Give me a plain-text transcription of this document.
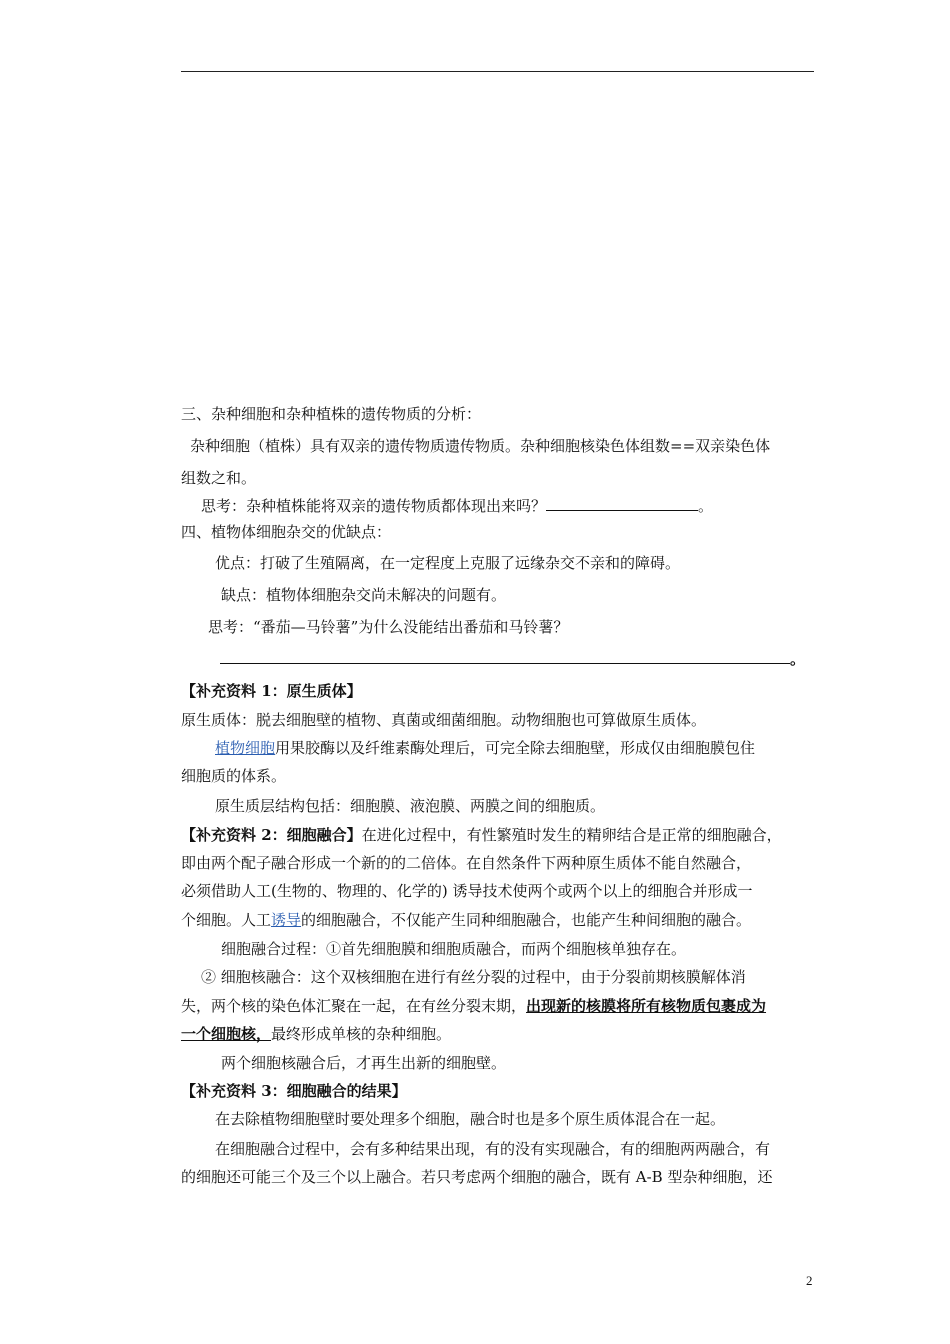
三、杂种细胞和杂种植株的遗传物质的分析：
杂种细胞（植株）具有双亲的遗传物质遗传物质。杂种细胞核染色体组数==双亲染色体
组数之和。
思考：杂种植株能将双亲的遗传物质都体现出来吗？	。
四、植物体细胞杂交的优缺点：
优点：打破了生殖隔离，在一定程度上克服了远缘杂交不亲和的障碍。
缺点：植物体细胞杂交尚未解决的问题有。
思考：“番茄—马铃薯”为什么没能结出番茄和马铃薯？
。
【补充资料 1：原生质体】
原生质体：脱去细胞壁的植物、真菌或细菌细胞。动物细胞也可算做原生质体。
植物细胞用果胶酶以及纤维素酶处理后，可完全除去细胞壁，形成仅由细胞膜包住
细胞质的体系。
原生质层结构包括：细胞膜、液泡膜、两膜之间的细胞质。
【补充资料 2：细胞融合】在进化过程中，有性繁殖时发生的精卵结合是正常的细胞融合，
即由两个配子融合形成一个新的的二倍体。在自然条件下两种原生质体不能自然融合，
必须借助人工(生物的、物理的、化学的) 诱导技术使两个或两个以上的细胞合并形成一
个细胞。人工诱导的细胞融合，不仅能产生同种细胞融合，也能产生种间细胞的融合。
细胞融合过程：①首先细胞膜和细胞质融合，而两个细胞核单独存在。
② 细胞核融合：这个双核细胞在进行有丝分裂的过程中，由于分裂前期核膜解体消
失，两个核的染色体汇聚在一起，在有丝分裂末期，出现新的核膜将所有核物质包裹成为
一个细胞核，最终形成单核的杂种细胞。
两个细胞核融合后，才再生出新的细胞壁。
【补充资料 3：细胞融合的结果】
在去除植物细胞壁时要处理多个细胞，融合时也是多个原生质体混合在一起。
在细胞融合过程中，会有多种结果出现，有的没有实现融合，有的细胞两两融合，有
的细胞还可能三个及三个以上融合。若只考虑两个细胞的融合，既有 A-B 型杂种细胞，还
2
